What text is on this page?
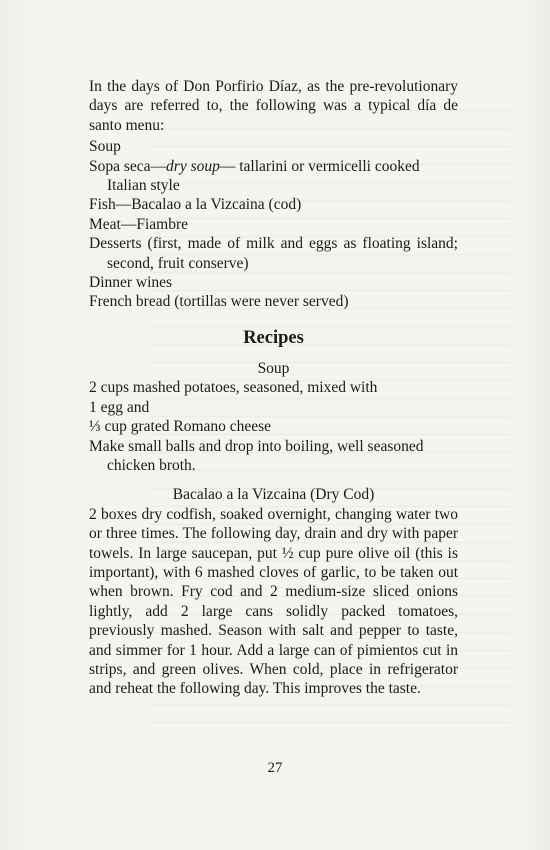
In the days of Don Porfirio Díaz, as the pre-revolutionary days are referred to, the following was a typical día de santo menu:

Soup

Sopa seca—dry soup— tallarini or vermicelli cooked Italian style

Fish—Bacalao a la Vizcaina (cod)

Meat—Fiambre

Desserts (first, made of milk and eggs as floating island; second, fruit conserve)

Dinner wines

French bread (tortillas were never served)

Recipes

Soup

2 cups mashed potatoes, seasoned, mixed with

1 egg and

⅓ cup grated Romano cheese

Make small balls and drop into boiling, well seasoned chicken broth.

Bacalao a la Vizcaina (Dry Cod)

2 boxes dry codfish, soaked overnight, changing water two or three times. The following day, drain and dry with paper towels. In large saucepan, put ½ cup pure olive oil (this is important), with 6 mashed cloves of garlic, to be taken out when brown. Fry cod and 2 medium-size sliced onions lightly, add 2 large cans solidly packed tomatoes, previously mashed. Season with salt and pepper to taste, and simmer for 1 hour. Add a large can of pimientos cut in strips, and green olives. When cold, place in refrigerator and reheat the following day. This improves the taste.

27
